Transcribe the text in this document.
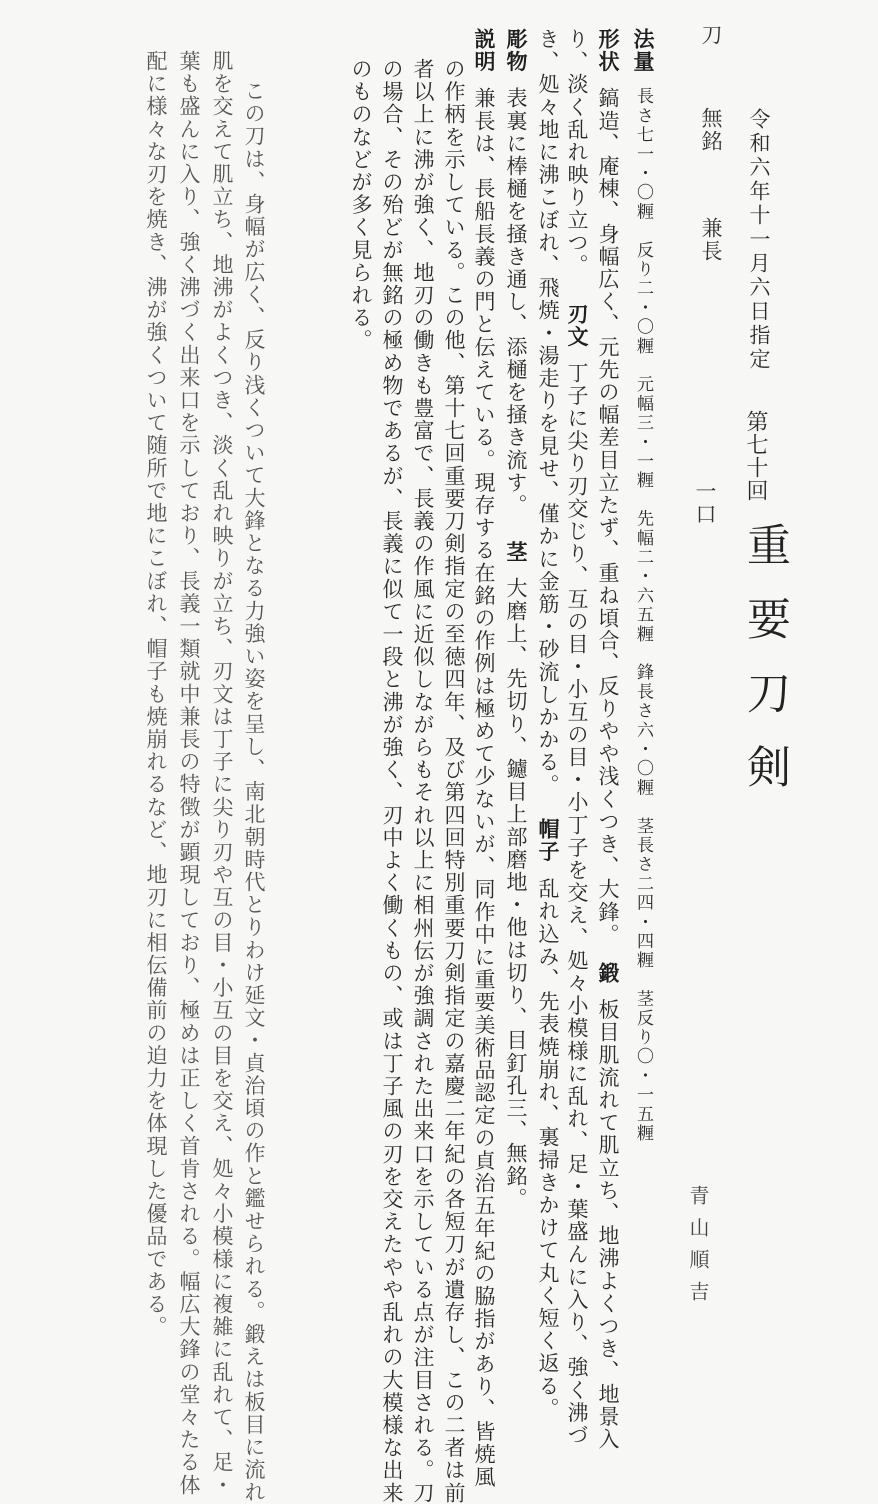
令和六年十一月六日指定
第七十回
重要刀剣
一口
刀  無銘  兼長
法量長さ七一・〇糎　反り二・〇糎　元幅三・一糎　先幅二・六五糎　鋒長さ六・〇糎　茎長さ二四・四糎　茎反り〇・一五糎
形状鎬造、庵棟、身幅広く、元先の幅差目立たず、重ね頃合、反りやや浅くつき、大鋒。鍛板目肌流れて肌立ち、地沸よくつき、地景入
り、淡く乱れ映り立つ。刃文丁子に尖り刃交じり、互の目・小互の目・小丁子を交え、処々小模様に乱れ、足・葉盛んに入り、強く沸づ
き、処々地に沸こぼれ、飛焼・湯走りを見せ、僅かに金筋・砂流しかかる。帽子乱れ込み、先表焼崩れ、裏掃きかけて丸く短く返る。
彫物表裏に棒樋を掻き通し、添樋を掻き流す。茎大磨上、先切り、鑢目上部磨地・他は切り、目釘孔三、無銘。
説明兼長は、長船長義の門と伝えている。現存する在銘の作例は極めて少ないが、同作中に重要美術品認定の貞治五年紀の脇指があり、皆焼風
の作柄を示している。この他、第十七回重要刀剣指定の至徳四年、及び第四回特別重要刀剣指定の嘉慶二年紀の各短刀が遺存し、この二者は前
者以上に沸が強く、地刃の働きも豊富で、長義の作風に近似しながらもそれ以上に相州伝が強調された出来口を示している点が注目される。刀
の場合、その殆どが無銘の極め物であるが、長義に似て一段と沸が強く、刃中よく働くもの、或は丁子風の刃を交えたやや乱れの大模様な出来
のものなどが多く見られる。
この刀は、身幅が広く、反り浅くついて大鋒となる力強い姿を呈し、南北朝時代とりわけ延文・貞治頃の作と鑑せられる。鍛えは板目に流れ
肌を交えて肌立ち、地沸がよくつき、淡く乱れ映りが立ち、刃文は丁子に尖り刃や互の目・小互の目を交え、処々小模様に複雑に乱れて、足・
葉も盛んに入り、強く沸づく出来口を示しており、長義一類就中兼長の特徴が顕現しており、極めは正しく首肯される。幅広大鋒の堂々たる体
配に様々な刃を焼き、沸が強くついて随所で地にこぼれ、帽子も焼崩れるなど、地刃に相伝備前の迫力を体現した優品である。	青山順吉
